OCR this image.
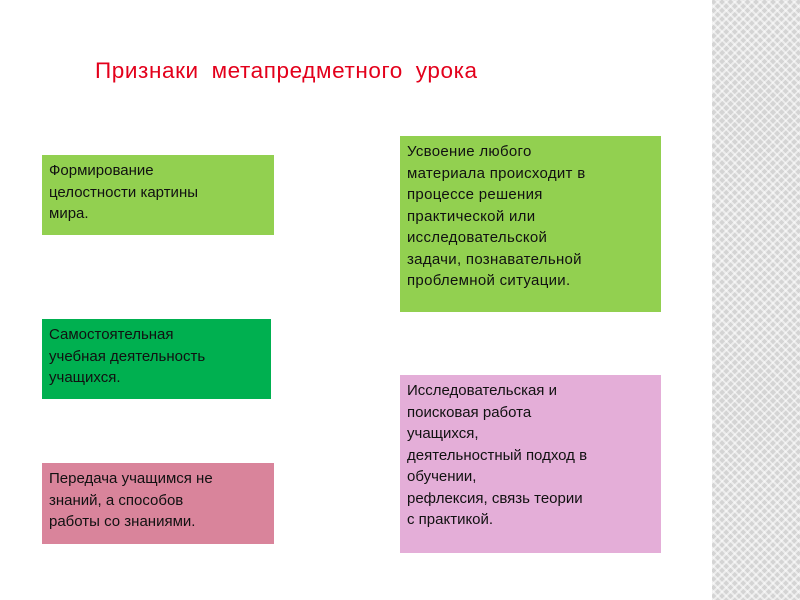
Признаки метапредметного урока
Формирование
целостности картины
мира.
Самостоятельная
учебная деятельность
учащихся.
Передача учащимся не
знаний, а способов
работы со знаниями.
Усвоение любого
материала происходит в
процессе решения
практической или
исследовательской
задачи, познавательной
проблемной ситуации.
Исследовательская и
поисковая работа
учащихся,
деятельностный подход в
обучении,
рефлексия, связь теории
с практикой.
